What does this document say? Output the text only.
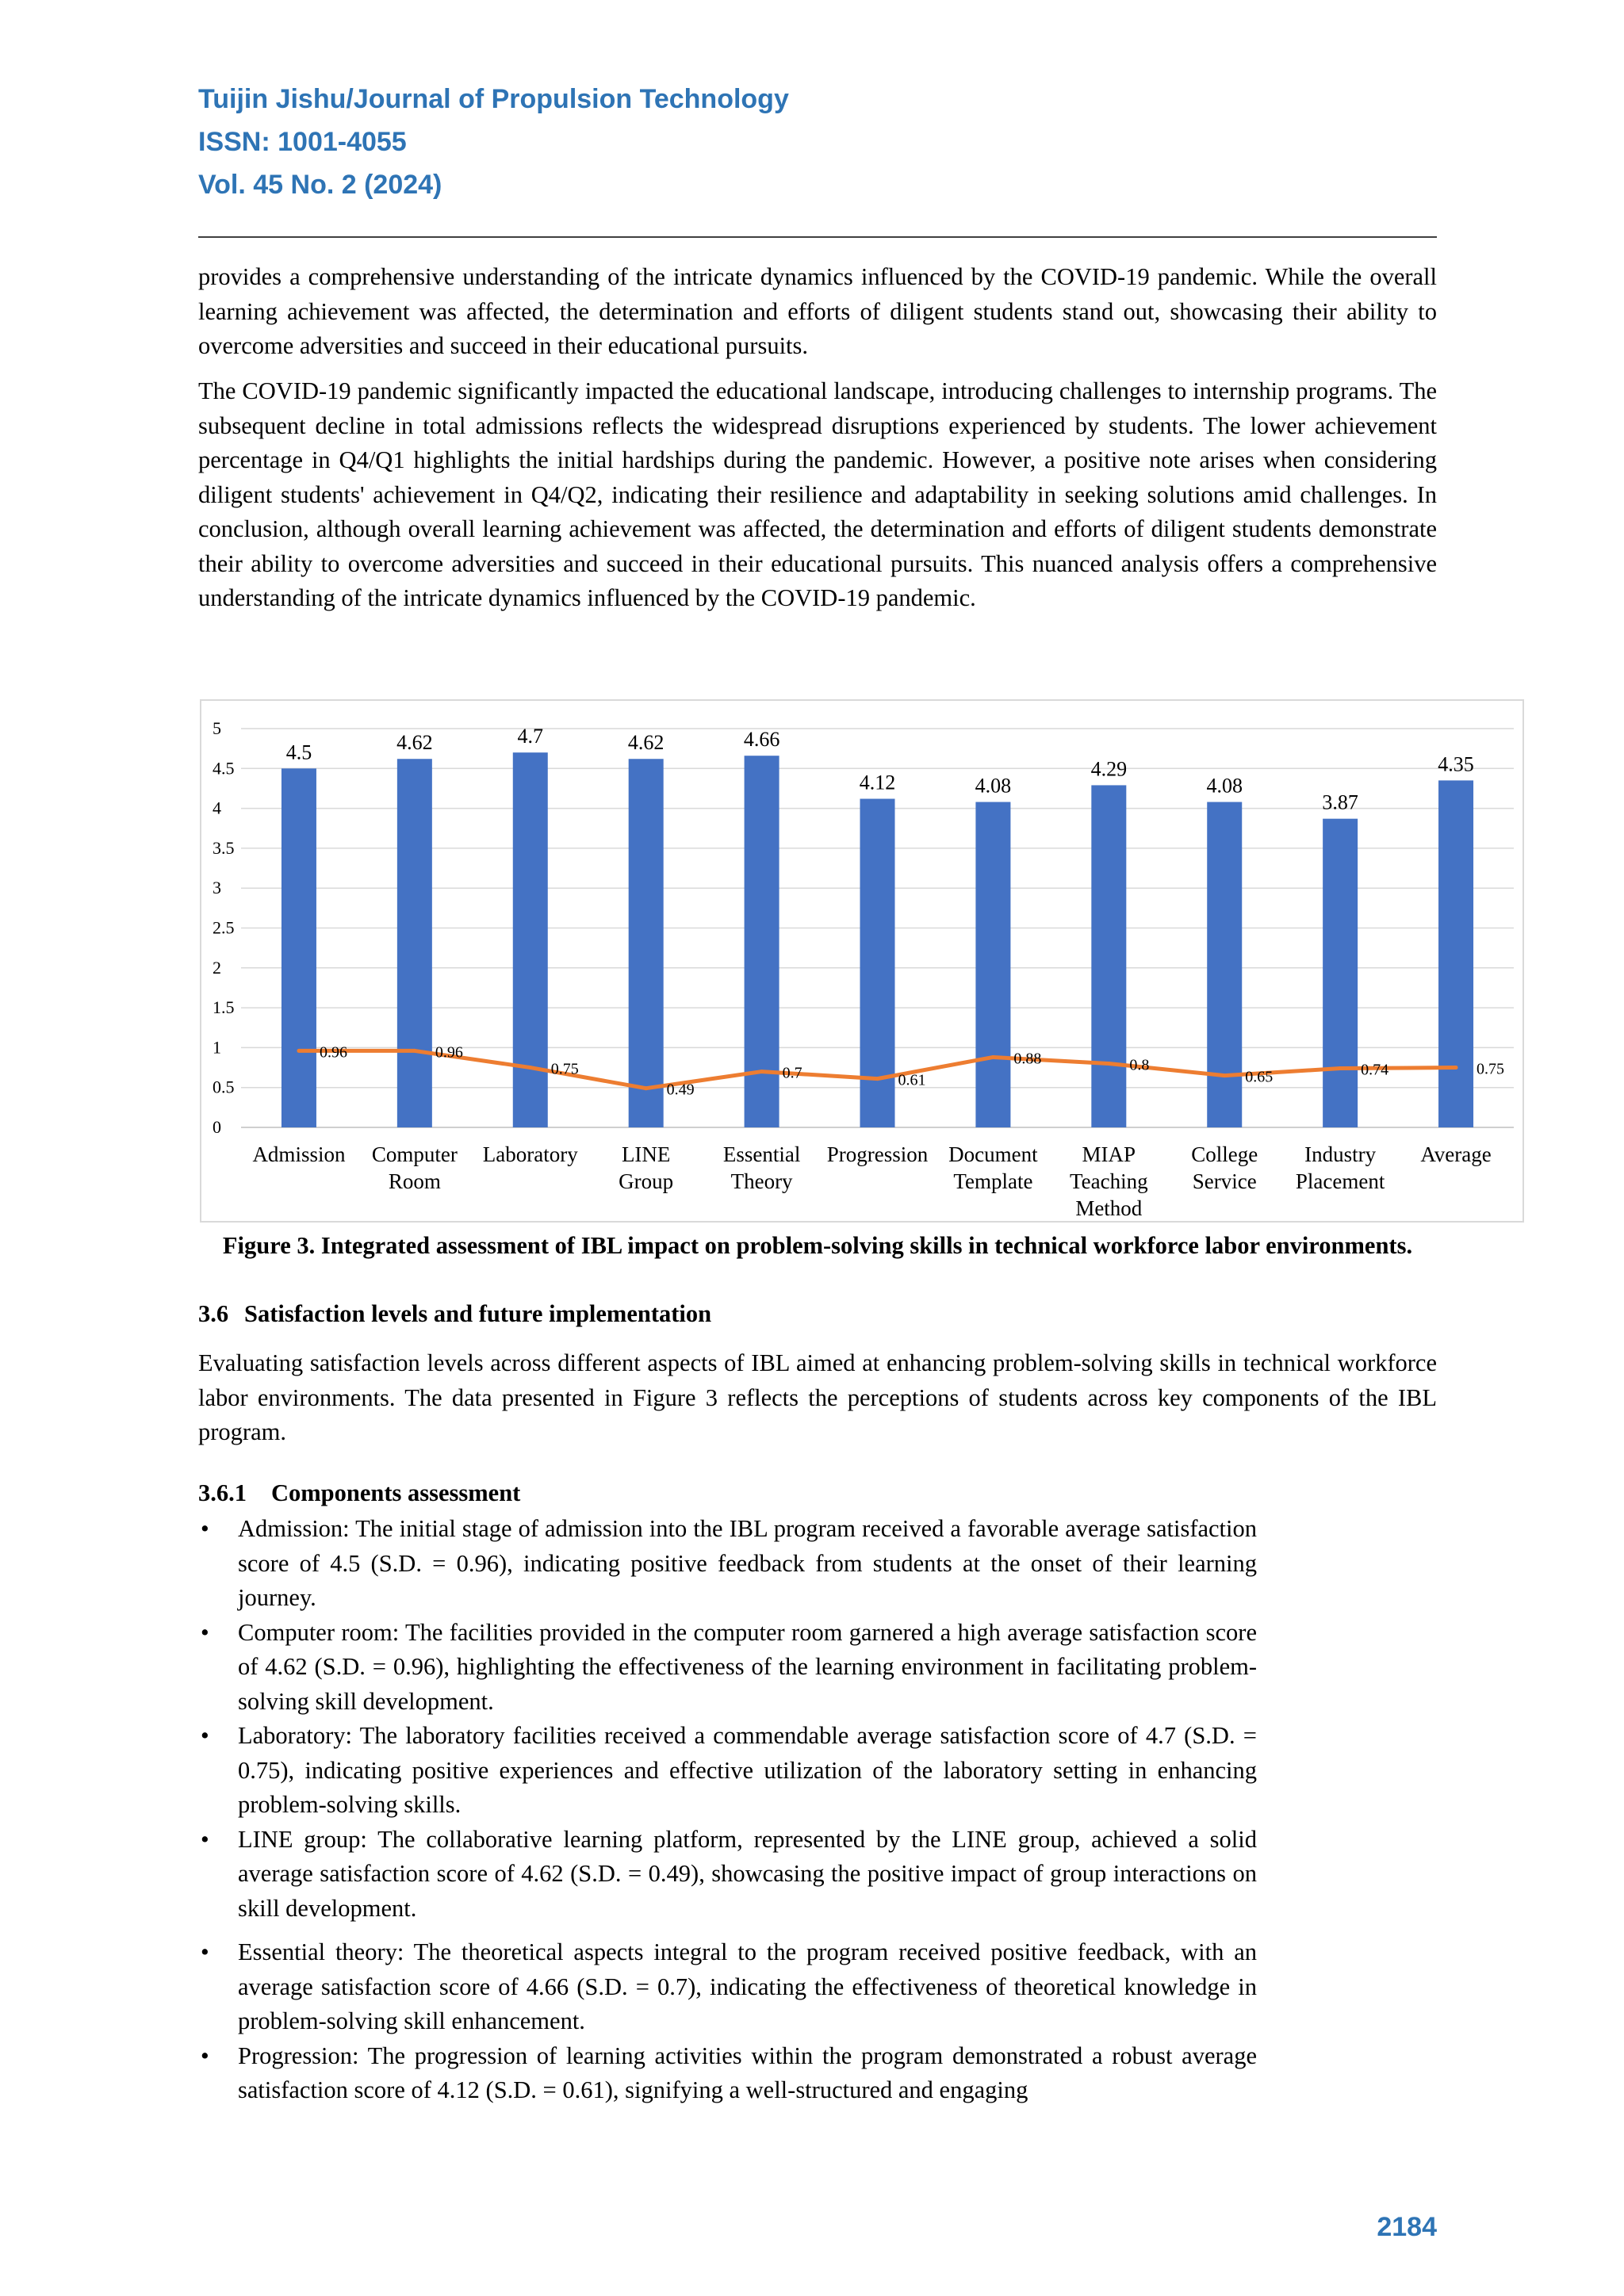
Tuijin Jishu/Journal of Propulsion Technology
ISSN: 1001-4055
Vol. 45 No. 2 (2024)

provides a comprehensive understanding of the intricate dynamics influenced by the COVID-19 pandemic. While the overall learning achievement was affected, the determination and efforts of diligent students stand out, showcasing their ability to overcome adversities and succeed in their educational pursuits.

The COVID-19 pandemic significantly impacted the educational landscape, introducing challenges to internship programs. The subsequent decline in total admissions reflects the widespread disruptions experienced by students. The lower achievement percentage in Q4/Q1 highlights the initial hardships during the pandemic. However, a positive note arises when considering diligent students' achievement in Q4/Q2, indicating their resilience and adaptability in seeking solutions amid challenges. In conclusion, although overall learning achievement was affected, the determination and efforts of diligent students demonstrate their ability to overcome adversities and succeed in their educational pursuits. This nuanced analysis offers a comprehensive understanding of the intricate dynamics influenced by the COVID-19 pandemic.

0
0.5
1
1.5
2
2.5
3
3.5
4
4.5
5
4.5	4.62	4.7	4.62	4.66
4.12	4.08
4.29
4.08
3.87
4.35
0.96	0.96
0.75
0.49
0.7	0.61
0.88	0.8
0.65	0.74	0.75
Admission Computer
Room
Laboratory LINE
Group
Essential
Theory
Progression Document
Template
MIAP
Teaching
Method
College
Service
Industry
Placement
Average

Figure 3. Integrated assessment of IBL impact on problem-solving skills in technical workforce labor environments.

3.6 Satisfaction levels and future implementation

Evaluating satisfaction levels across different aspects of IBL aimed at enhancing problem-solving skills in technical workforce labor environments. The data presented in Figure 3 reflects the perceptions of students across key components of the IBL program.

3.6.1 Components assessment
• Admission: The initial stage of admission into the IBL program received a favorable average satisfaction score of 4.5 (S.D. = 0.96), indicating positive feedback from students at the onset of their learning journey.
• Computer room: The facilities provided in the computer room garnered a high average satisfaction score of 4.62 (S.D. = 0.96), highlighting the effectiveness of the learning environment in facilitating problem-solving skill development.
• Laboratory: The laboratory facilities received a commendable average satisfaction score of 4.7 (S.D. = 0.75), indicating positive experiences and effective utilization of the laboratory setting in enhancing problem-solving skills.
• LINE group: The collaborative learning platform, represented by the LINE group, achieved a solid average satisfaction score of 4.62 (S.D. = 0.49), showcasing the positive impact of group interactions on skill development.
• Essential theory: The theoretical aspects integral to the program received positive feedback, with an average satisfaction score of 4.66 (S.D. = 0.7), indicating the effectiveness of theoretical knowledge in problem-solving skill enhancement.
• Progression: The progression of learning activities within the program demonstrated a robust average satisfaction score of 4.12 (S.D. = 0.61), signifying a well-structured and engaging
2184
